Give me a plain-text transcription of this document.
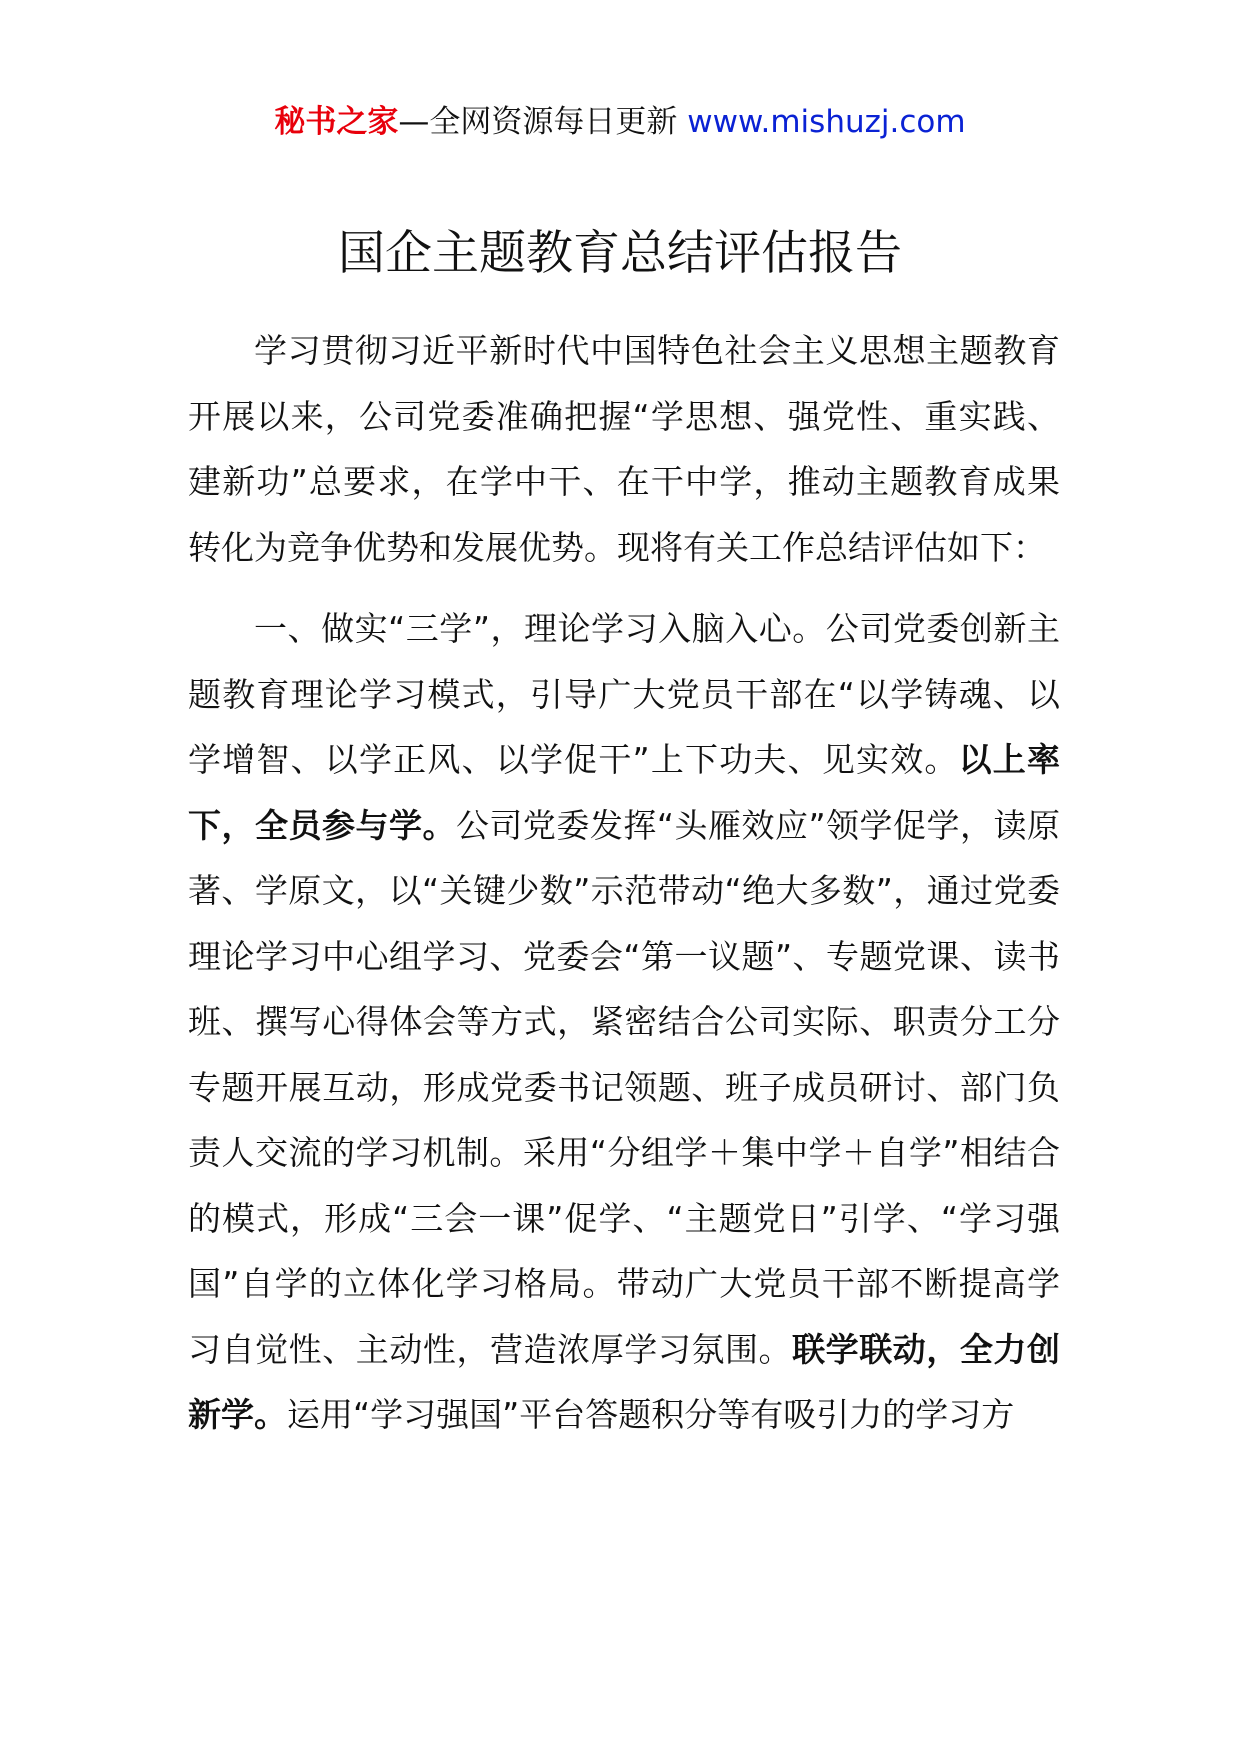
秘书之家—全网资源每日更新 www.mishuzj.com
国企主题教育总结评估报告

学习贯彻习近平新时代中国特色社会主义思想主题教育开展以来，公司党委准确把握“学思想、强党性、重实践、建新功”总要求，在学中干、在干中学，推动主题教育成果转化为竞争优势和发展优势。现将有关工作总结评估如下：

一、做实“三学”，理论学习入脑入心。公司党委创新主题教育理论学习模式，引导广大党员干部在“以学铸魂、以学增智、以学正风、以学促干”上下功夫、见实效。以上率下，全员参与学。公司党委发挥“头雁效应”领学促学，读原著、学原文，以“关键少数”示范带动“绝大多数”，通过党委理论学习中心组学习、党委会“第一议题”、专题党课、读书班、撰写心得体会等方式，紧密结合公司实际、职责分工分专题开展互动，形成党委书记领题、班子成员研讨、部门负责人交流的学习机制。采用“分组学＋集中学＋自学”相结合的模式，形成“三会一课”促学、“主题党日”引学、“学习强国”自学的立体化学习格局。带动广大党员干部不断提高学习自觉性、主动性，营造浓厚学习氛围。联学联动，全力创新学。运用“学习强国”平台答题积分等有吸引力的学习方
